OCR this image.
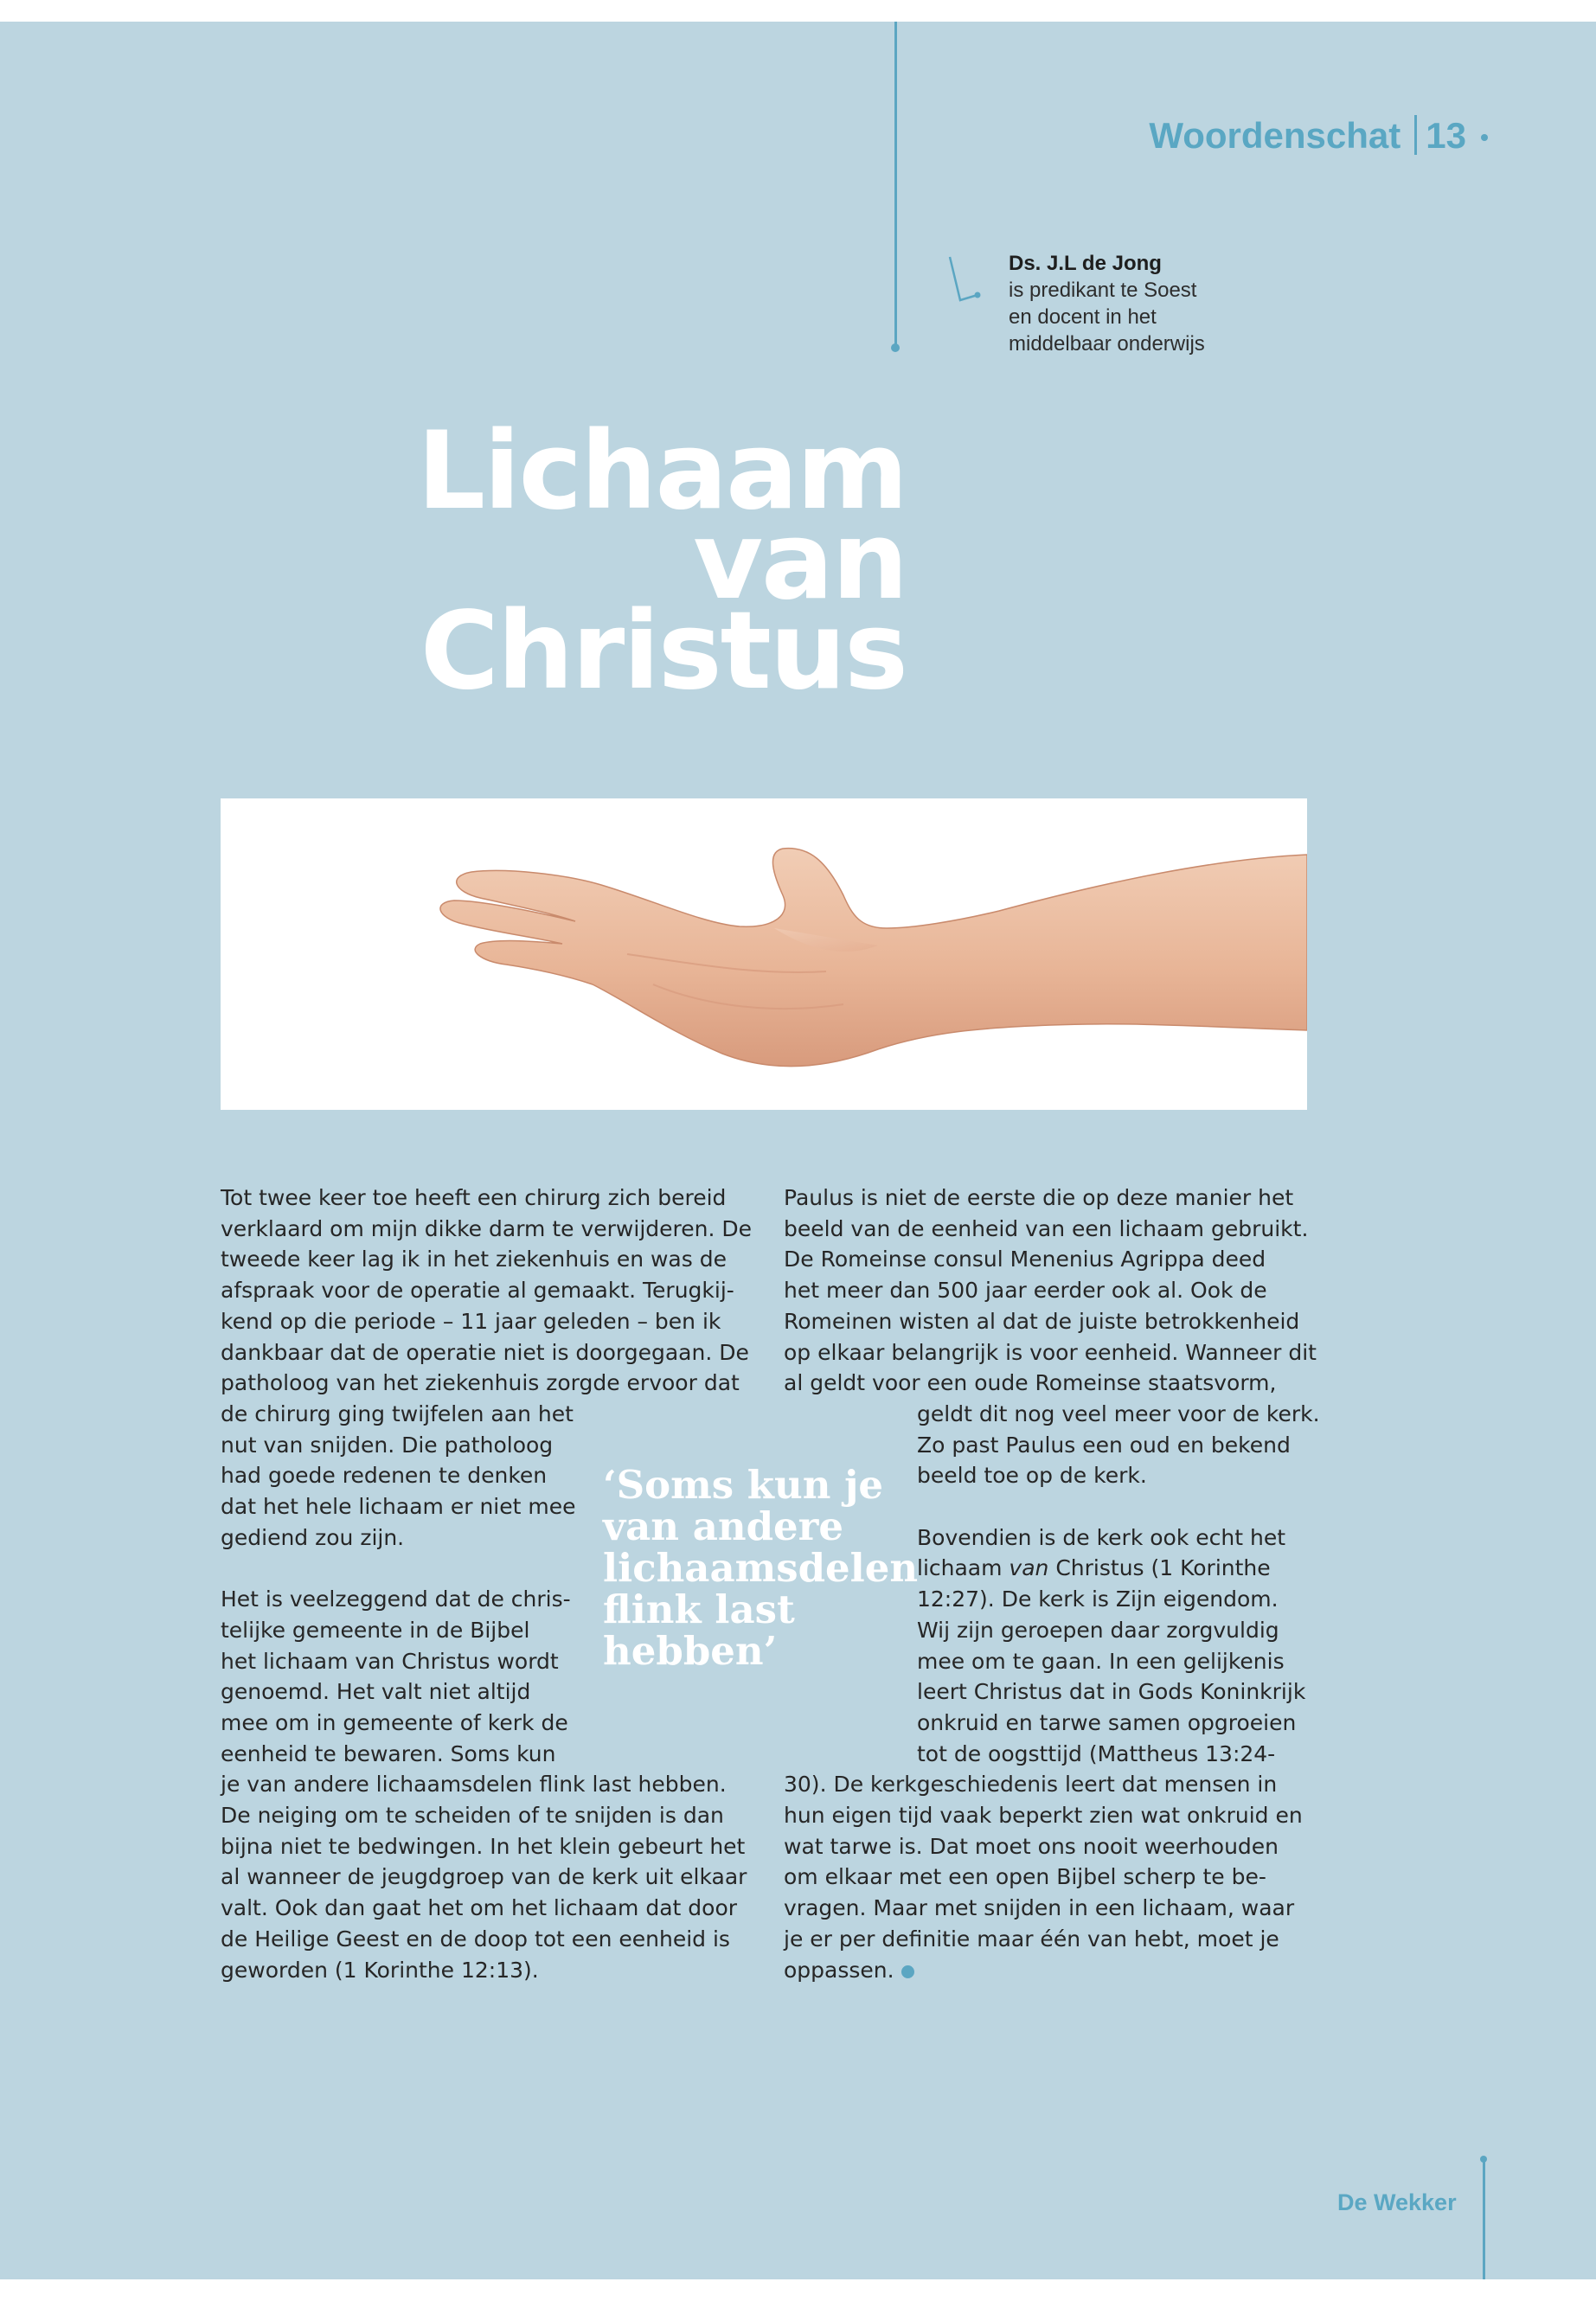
Woordenschat 13
Ds. J.L de Jong
is predikant te Soest
en docent in het
middelbaar onderwijs
Lichaam
van
Christus
Tot twee keer toe heeft een chirurg zich bereid
verklaard om mijn dikke darm te verwijderen. De
tweede keer lag ik in het ziekenhuis en was de
afspraak voor de operatie al gemaakt. Terugkij-
kend op die periode – 11 jaar geleden – ben ik
dankbaar dat de operatie niet is doorgegaan. De
patholoog van het ziekenhuis zorgde ervoor dat
de chirurg ging twijfelen aan het
nut van snijden. Die patholoog
had goede redenen te denken
dat het hele lichaam er niet mee
gediend zou zijn.
Het is veelzeggend dat de chris-
telijke gemeente in de Bijbel
het lichaam van Christus wordt
genoemd. Het valt niet altijd
mee om in gemeente of kerk de
eenheid te bewaren. Soms kun
je van andere lichaamsdelen flink last hebben.
De neiging om te scheiden of te snijden is dan
bijna niet te bedwingen. In het klein gebeurt het
al wanneer de jeugdgroep van de kerk uit elkaar
valt. Ook dan gaat het om het lichaam dat door
de Heilige Geest en de doop tot een eenheid is
geworden (1 Korinthe 12:13).
‘Soms kun je
van andere
lichaamsdelen
flink last
hebben’
Paulus is niet de eerste die op deze manier het
beeld van de eenheid van een lichaam gebruikt.
De Romeinse consul Menenius Agrippa deed
het meer dan 500 jaar eerder ook al. Ook de
Romeinen wisten al dat de juiste betrokkenheid
op elkaar belangrijk is voor eenheid. Wanneer dit
al geldt voor een oude Romeinse staatsvorm,
geldt dit nog veel meer voor de kerk.
Zo past Paulus een oud en bekend
beeld toe op de kerk.
Bovendien is de kerk ook echt het
lichaam van Christus (1 Korinthe
12:27). De kerk is Zijn eigendom.
Wij zijn geroepen daar zorgvuldig
mee om te gaan. In een gelijkenis
leert Christus dat in Gods Koninkrijk
onkruid en tarwe samen opgroeien
tot de oogsttijd (Mattheus 13:24-
30). De kerkgeschiedenis leert dat mensen in
hun eigen tijd vaak beperkt zien wat onkruid en
wat tarwe is. Dat moet ons nooit weerhouden
om elkaar met een open Bijbel scherp te be-
vragen. Maar met snijden in een lichaam, waar
je er per definitie maar één van hebt, moet je
oppassen.
De Wekker
